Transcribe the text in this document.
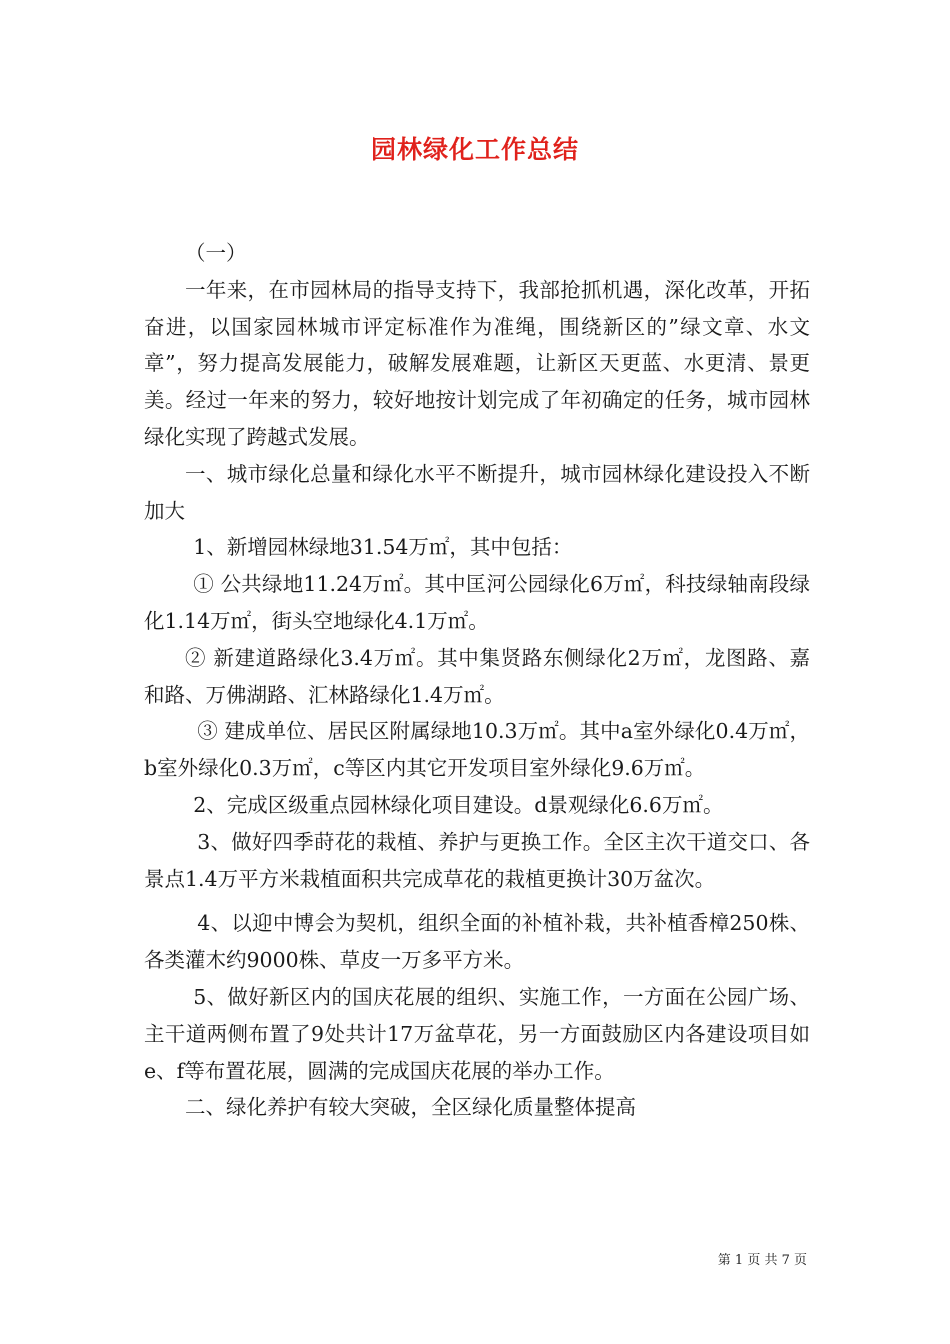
园林绿化工作总结

（一）

一年来，在市园林局的指导支持下，我部抢抓机遇，深化改革，开拓奋进，以国家园林城市评定标准作为准绳，围绕新区的”绿文章、水文章”，努力提高发展能力，破解发展难题，让新区天更蓝、水更清、景更美。经过一年来的努力，较好地按计划完成了年初确定的任务，城市园林绿化实现了跨越式发展。

一、城市绿化总量和绿化水平不断提升，城市园林绿化建设投入不断加大

1、新增园林绿地31.54万㎡，其中包括：

① 公共绿地11.24万㎡。其中匡河公园绿化6万㎡，科技绿轴南段绿化1.14万㎡，街头空地绿化4.1万㎡。

② 新建道路绿化3.4万㎡。其中集贤路东侧绿化2万㎡，龙图路、嘉和路、万佛湖路、汇林路绿化1.4万㎡。

③ 建成单位、居民区附属绿地10.3万㎡。其中a室外绿化0.4万㎡，b室外绿化0.3万㎡，c等区内其它开发项目室外绿化9.6万㎡。

2、完成区级重点园林绿化项目建设。d景观绿化6.6万㎡。

3、做好四季莳花的栽植、养护与更换工作。全区主次干道交口、各景点1.4万平方米栽植面积共完成草花的栽植更换计30万盆次。

4、以迎中博会为契机，组织全面的补植补栽，共补植香樟250株、各类灌木约9000株、草皮一万多平方米。

5、做好新区内的国庆花展的组织、实施工作，一方面在公园广场、主干道两侧布置了9处共计17万盆草花，另一方面鼓励区内各建设项目如e、f等布置花展，圆满的完成国庆花展的举办工作。

二、绿化养护有较大突破，全区绿化质量整体提高

第 1 页 共 7 页
